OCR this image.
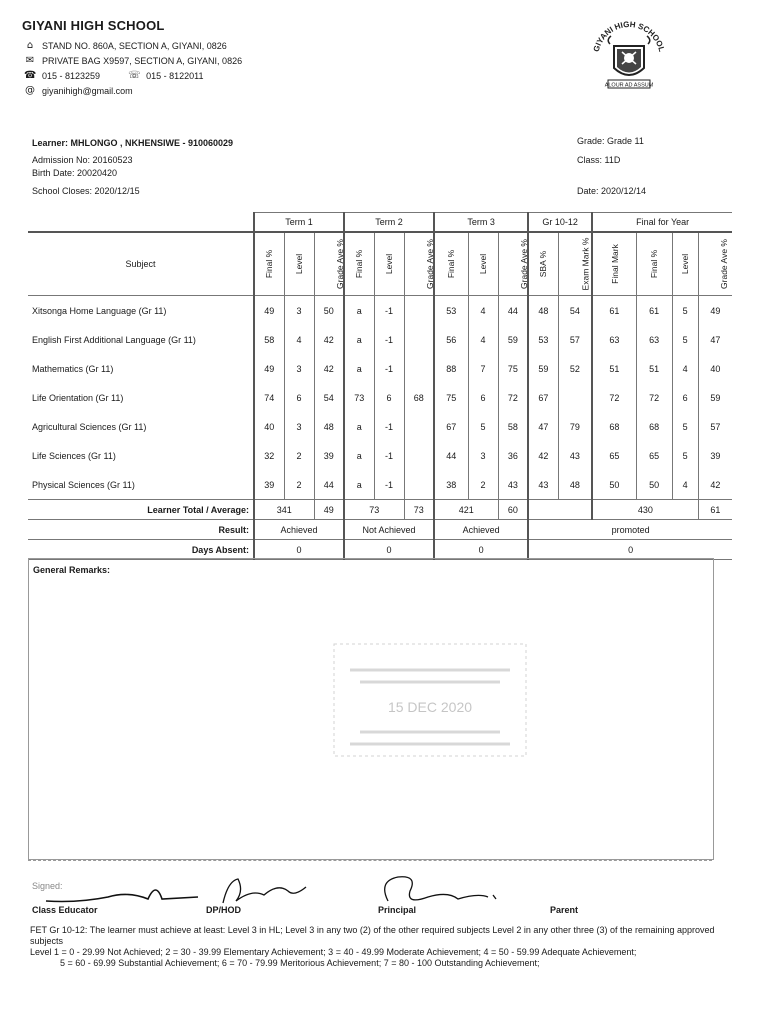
GIYANI HIGH SCHOOL
⌂ STAND NO. 860A, SECTION A, GIYANI, 0826
✉ PRIVATE BAG X9597, SECTION A, GIYANI, 0826
☎ 015 - 8123259	☏ 015 - 8122011
@ giyanihigh@gmail.com
GIYANI HIGH SCHOOL
ALOUR AD ASSUM
Learner: MHLONGO , NKHENSIWE - 910060029
Admission No: 20160523
Birth Date: 20020420
School Closes: 2020/12/15
Grade: Grade 11
Class: 11D
Date: 2020/12/14
	Term 1			Term 2			Term 3			Gr 10-12		Final for Year			
Subject	Final %	Level	Grade Ave %	Final %	Level	Grade Ave %	Final %	Level	Grade Ave %	SBA %	Exam Mark %	Final Mark	Final %	Level	Grade Ave %
Xitsonga Home Language (Gr 11)	49	3	50	a	-1		53	4	44	48	54	61	61	5	49
English First Additional Language (Gr 11)	58	4	42	a	-1		56	4	59	53	57	63	63	5	47
Mathematics (Gr 11)	49	3	42	a	-1		88	7	75	59	52	51	51	4	40
Life Orientation (Gr 11)	74	6	54	73	6	68	75	6	72	67		72	72	6	59
Agricultural Sciences (Gr 11)	40	3	48	a	-1		67	5	58	47	79	68	68	5	57
Life Sciences (Gr 11)	32	2	39	a	-1		44	3	36	42	43	65	65	5	39
Physical Sciences (Gr 11)	39	2	44	a	-1		38	2	43	43	48	50	50	4	42
Learner Total / Average:	341		49	73		73	421		60			430			61
Result:	Achieved			Not Achieved			Achieved			promoted					
Days Absent:	0			0			0			0					
General Remarks:
15 DEC 2020
Signed:
Class Educator	DP/HOD	Principal	Parent
FET Gr 10-12: The learner must achieve at least: Level 3 in HL; Level 3 in any two (2) of the other required subjects Level 2 in any other three (3) of the remaining approved subjects
Level 1 = 0 - 29.99 Not Achieved; 2 = 30 - 39.99 Elementary Achievement; 3 = 40 - 49.99 Moderate Achievement; 4 = 50 - 59.99 Adequate Achievement;
5 = 60 - 69.99 Substantial Achievement; 6 = 70 - 79.99 Meritorious Achievement; 7 = 80 - 100 Outstanding Achievement;
